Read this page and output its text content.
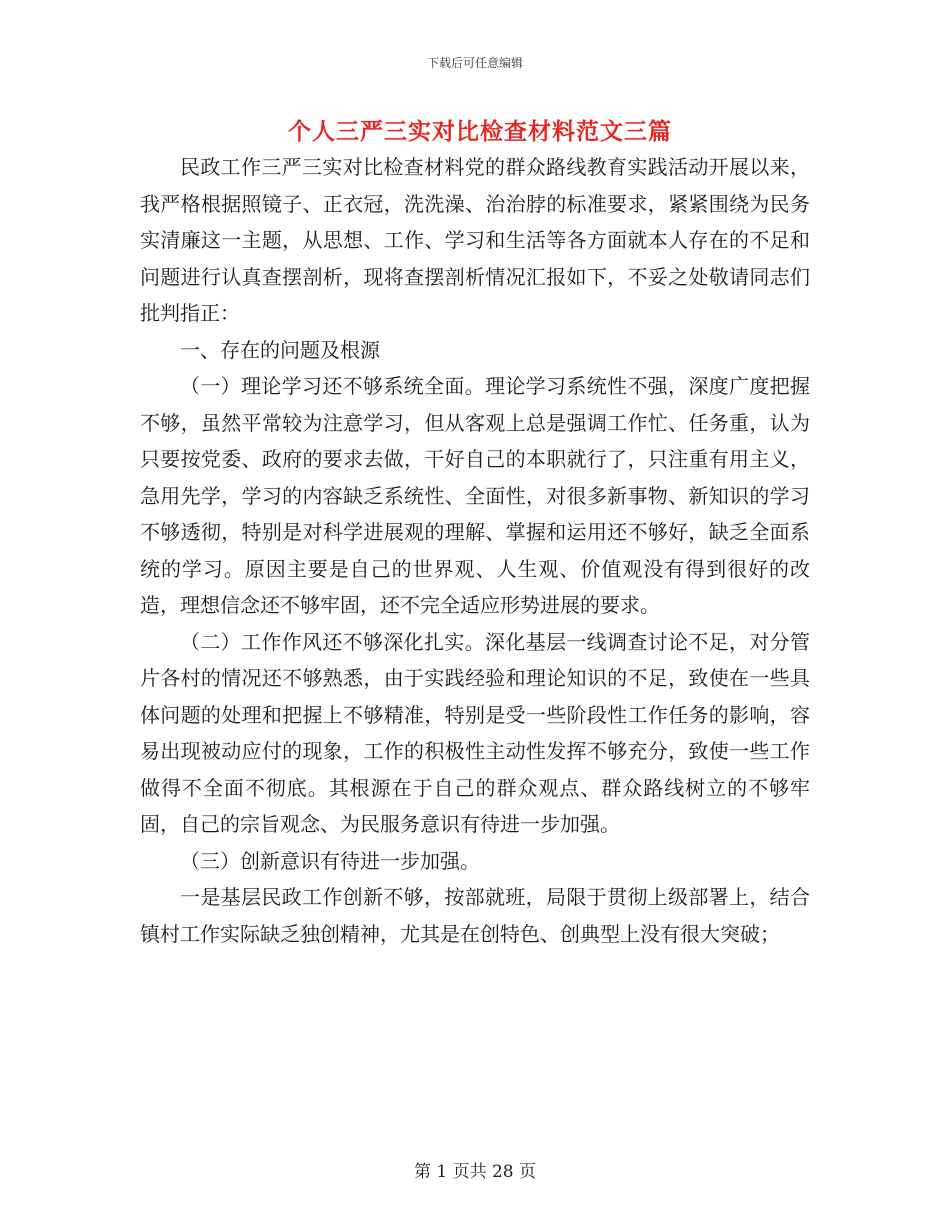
下载后可任意编辑
个人三严三实对比检查材料范文三篇

民政工作三严三实对比检查材料党的群众路线教育实践活动开展以来，我严格根据照镜子、正衣冠，洗洗澡、治治脖的标准要求，紧紧围绕为民务实清廉这一主题，从思想、工作、学习和生活等各方面就本人存在的不足和问题进行认真查摆剖析，现将查摆剖析情况汇报如下，不妥之处敬请同志们批判指正：

一、存在的问题及根源

（一）理论学习还不够系统全面。理论学习系统性不强，深度广度把握不够，虽然平常较为注意学习，但从客观上总是强调工作忙、任务重，认为只要按党委、政府的要求去做，干好自己的本职就行了，只注重有用主义，急用先学，学习的内容缺乏系统性、全面性，对很多新事物、新知识的学习不够透彻，特别是对科学进展观的理解、掌握和运用还不够好，缺乏全面系统的学习。原因主要是自己的世界观、人生观、价值观没有得到很好的改造，理想信念还不够牢固，还不完全适应形势进展的要求。

（二）工作作风还不够深化扎实。深化基层一线调查讨论不足，对分管片各村的情况还不够熟悉，由于实践经验和理论知识的不足，致使在一些具体问题的处理和把握上不够精准，特别是受一些阶段性工作任务的影响，容易出现被动应付的现象，工作的积极性主动性发挥不够充分，致使一些工作做得不全面不彻底。其根源在于自己的群众观点、群众路线树立的不够牢固，自己的宗旨观念、为民服务意识有待进一步加强。

（三）创新意识有待进一步加强。

一是基层民政工作创新不够，按部就班，局限于贯彻上级部署上，结合镇村工作实际缺乏独创精神，尤其是在创特色、创典型上没有很大突破；

第 1 页共 28 页
